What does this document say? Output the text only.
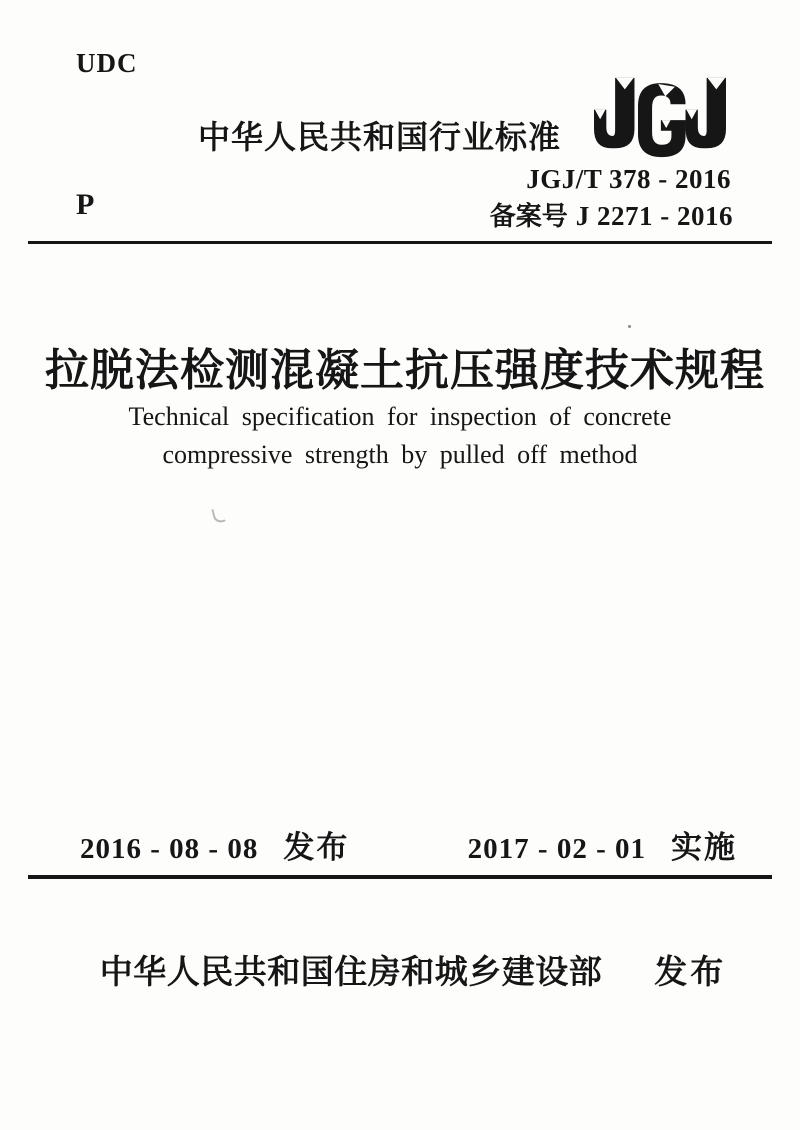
UDC
中华人民共和国行业标准
JGJ/T 378 - 2016
备案号 J 2271 - 2016
P
拉脱法检测混凝土抗压强度技术规程
Technical specification for inspection of concrete
compressive strength by pulled off method
2016 - 08 - 08 发布	2017 - 02 - 01 实施
中华人民共和国住房和城乡建设部 发布
